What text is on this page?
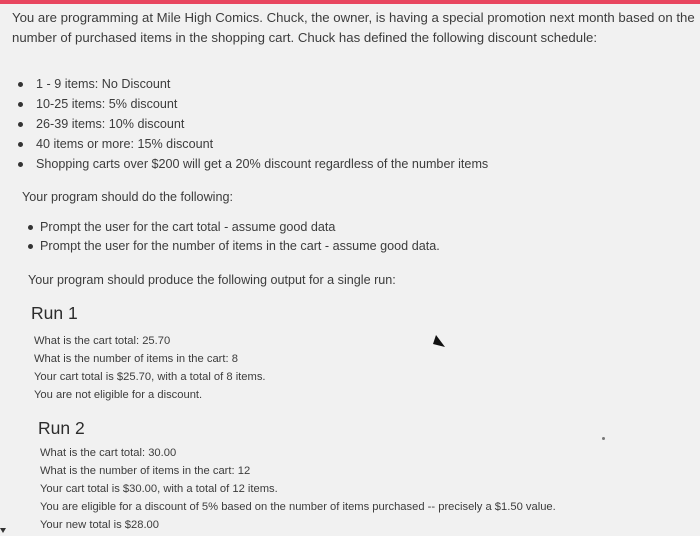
You are programming at Mile High Comics. Chuck, the owner, is having a special promotion next month based on the number of purchased items in the shopping cart. Chuck has defined the following discount schedule:

1 - 9 items: No Discount
10-25 items: 5% discount
26-39 items: 10% discount
40 items or more: 15% discount
Shopping carts over $200 will get a 20% discount regardless of the number items

Your program should do the following:

Prompt the user for the cart total - assume good data
Prompt the user for the number of items in the cart - assume good data.

Your program should produce the following output for a single run:

Run 1
What is the cart total: 25.70
What is the number of items in the cart: 8
Your cart total is $25.70, with a total of 8 items.
You are not eligible for a discount.
Run 2
What is the cart total: 30.00
What is the number of items in the cart: 12
Your cart total is $30.00, with a total of 12 items.
You are eligible for a discount of 5% based on the number of items purchased -- precisely a $1.50 value.
Your new total is $28.00
